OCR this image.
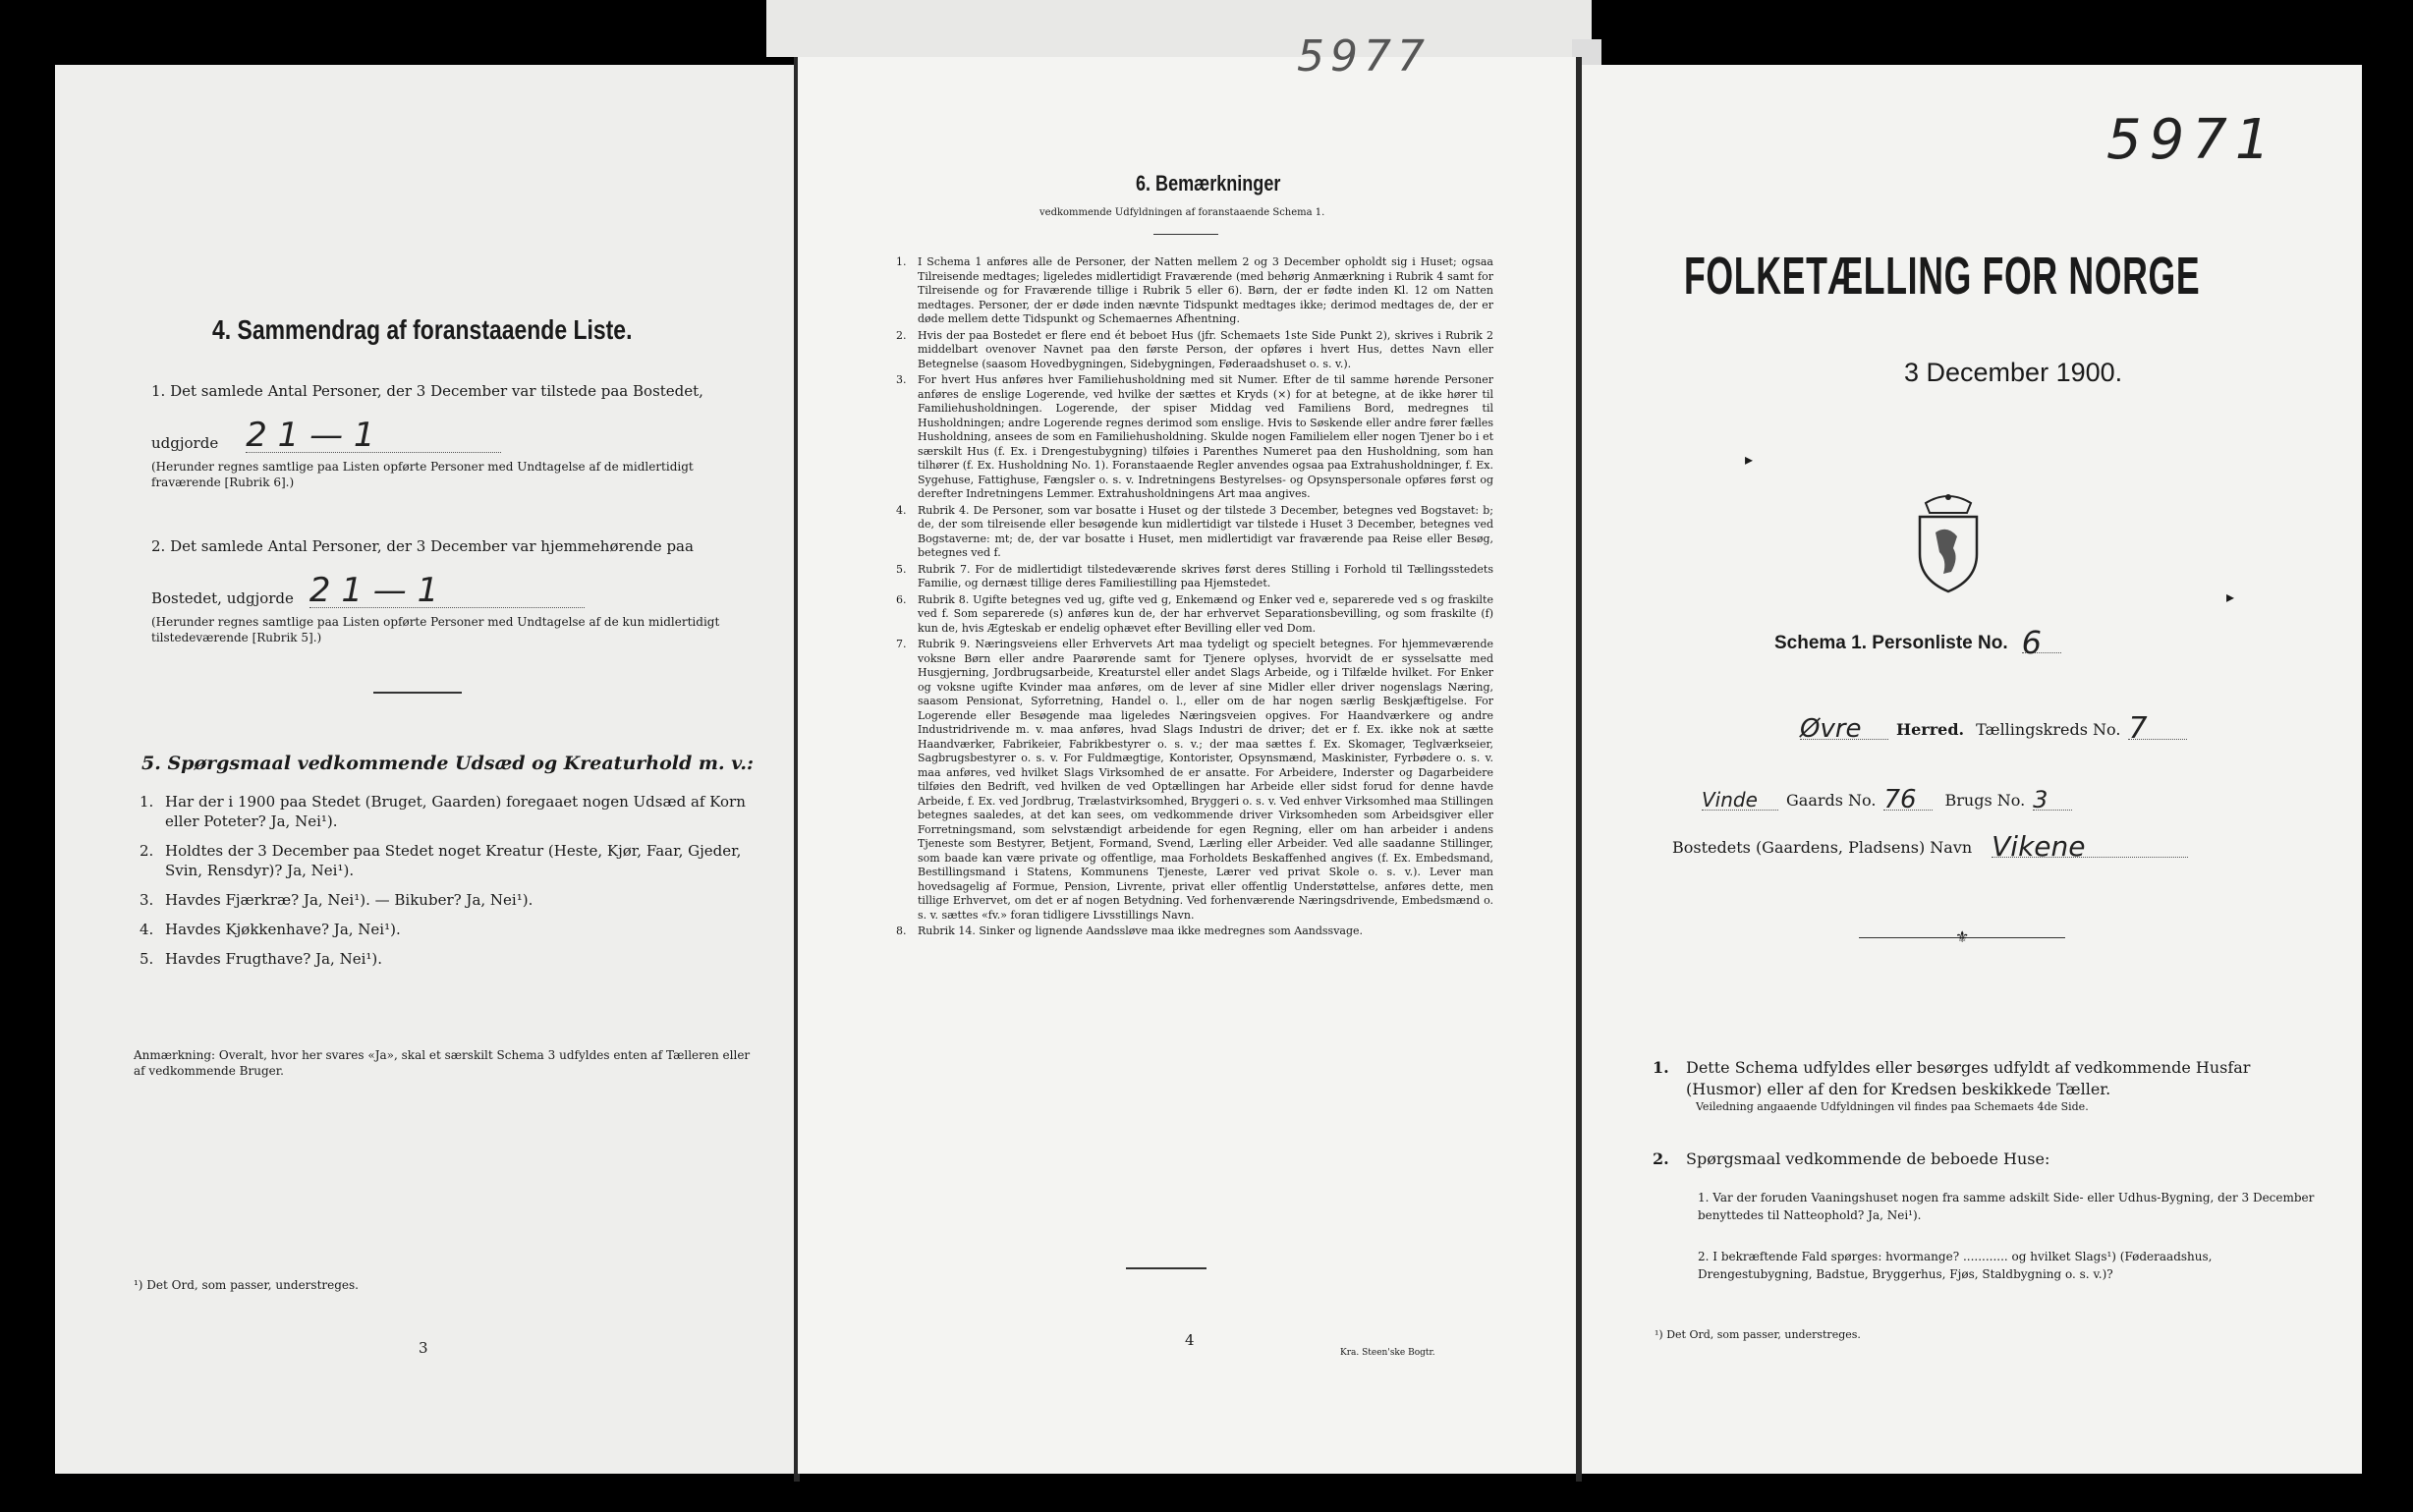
4. Sammendrag af foranstaaende Liste.
1. Det samlede Antal Personer, der 3 December var tilstede paa Bostedet,
udgjorde 2 1 — 1
(Herunder regnes samtlige paa Listen opførte Personer med Undtagelse af de midlertidigt fraværende [Rubrik 6].)
2. Det samlede Antal Personer, der 3 December var hjemmehørende paa
Bostedet, udgjorde 2 1 — 1
(Herunder regnes samtlige paa Listen opførte Personer med Undtagelse af de kun midlertidigt tilstedeværende [Rubrik 5].)
5. Spørgsmaal vedkommende Udsæd og Kreaturhold m. v.:
1. Har der i 1900 paa Stedet (Bruget, Gaarden) foregaaet nogen Udsæd af Korn eller Poteter? Ja, Nei¹).
2. Holdtes der 3 December paa Stedet noget Kreatur (Heste, Kjør, Faar, Gjeder, Svin, Rensdyr)? Ja, Nei¹).
3. Havdes Fjærkræ? Ja, Nei¹). — Bikuber? Ja, Nei¹).
4. Havdes Kjøkkenhave? Ja, Nei¹).
5. Havdes Frugthave? Ja, Nei¹).
Anmærkning: Overalt, hvor her svares «Ja», skal et særskilt Schema 3 udfyldes enten af Tælleren eller af vedkommende Bruger.
¹) Det Ord, som passer, understreges.
3
5977
6. Bemærkninger
vedkommende Udfyldningen af foranstaaende Schema 1.
1.	I Schema 1 anføres alle de Personer, der Natten mellem 2 og 3 December opholdt sig i Huset; ogsaa Tilreisende medtages; ligeledes midlertidigt Fraværende (med behørig Anmærkning i Rubrik 4 samt for Tilreisende og for Fraværende tillige i Rubrik 5 eller 6). Børn, der er fødte inden Kl. 12 om Natten medtages. Personer, der er døde inden nævnte Tidspunkt medtages ikke; derimod medtages de, der er døde mellem dette Tidspunkt og Schemaernes Afhentning.
2.	Hvis der paa Bostedet er flere end ét beboet Hus (jfr. Schemaets 1ste Side Punkt 2), skrives i Rubrik 2 middelbart ovenover Navnet paa den første Person, der opføres i hvert Hus, dettes Navn eller Betegnelse (saasom Hovedbygningen, Sidebygningen, Føderaadshuset o. s. v.).
3.	For hvert Hus anføres hver Familiehusholdning med sit Numer. Efter de til samme hørende Personer anføres de enslige Logerende, ved hvilke der sættes et Kryds (×) for at betegne, at de ikke hører til Familiehusholdningen. Logerende, der spiser Middag ved Familiens Bord, medregnes til Husholdningen; andre Logerende regnes derimod som enslige. Hvis to Søskende eller andre fører fælles Husholdning, ansees de som en Familiehusholdning. Skulde nogen Familielem eller nogen Tjener bo i et særskilt Hus (f. Ex. i Drengestubygning) tilføies i Parenthes Numeret paa den Husholdning, som han tilhører (f. Ex. Husholdning No. 1). Foranstaaende Regler anvendes ogsaa paa Extrahusholdninger, f. Ex. Sygehuse, Fattighuse, Fængsler o. s. v. Indretningens Bestyrelses- og Opsynspersonale opføres først og derefter Indretningens Lemmer. Extrahusholdningens Art maa angives.
4.	Rubrik 4. De Personer, som var bosatte i Huset og der tilstede 3 December, betegnes ved Bogstavet: b; de, der som tilreisende eller besøgende kun midlertidigt var tilstede i Huset 3 December, betegnes ved Bogstaverne: mt; de, der var bosatte i Huset, men midlertidigt var fraværende paa Reise eller Besøg, betegnes ved f.
5.	Rubrik 7. For de midlertidigt tilstedeværende skrives først deres Stilling i Forhold til Tællingsstedets Familie, og dernæst tillige deres Familiestilling paa Hjemstedet.
6.	Rubrik 8. Ugifte betegnes ved ug, gifte ved g, Enkemænd og Enker ved e, separerede ved s og fraskilte ved f. Som separerede (s) anføres kun de, der har erhvervet Separationsbevilling, og som fraskilte (f) kun de, hvis Ægteskab er endelig ophævet efter Bevilling eller ved Dom.
7.	Rubrik 9. Næringsveiens eller Erhvervets Art maa tydeligt og specielt betegnes. For hjemmeværende voksne Børn eller andre Paarørende samt for Tjenere oplyses, hvorvidt de er sysselsatte med Husgjerning, Jordbrugsarbeide, Kreaturstel eller andet Slags Arbeide, og i Tilfælde hvilket. For Enker og voksne ugifte Kvinder maa anføres, om de lever af sine Midler eller driver nogenslags Næring, saasom Pensionat, Syforretning, Handel o. l., eller om de har nogen særlig Beskjæftigelse. For Logerende eller Besøgende maa ligeledes Næringsveien opgives. For Haandværkere og andre Industridrivende m. v. maa anføres, hvad Slags Industri de driver; det er f. Ex. ikke nok at sætte Haandværker, Fabrikeier, Fabrikbestyrer o. s. v.; der maa sættes f. Ex. Skomager, Teglværkseier, Sagbrugsbestyrer o. s. v. For Fuldmægtige, Kontorister, Opsynsmænd, Maskinister, Fyrbødere o. s. v. maa anføres, ved hvilket Slags Virksomhed de er ansatte. For Arbeidere, Inderster og Dagarbeidere tilføies den Bedrift, ved hvilken de ved Optællingen har Arbeide eller sidst forud for denne havde Arbeide, f. Ex. ved Jordbrug, Trælastvirksomhed, Bryggeri o. s. v. Ved enhver Virksomhed maa Stillingen betegnes saaledes, at det kan sees, om vedkommende driver Virksomheden som Arbeidsgiver eller Forretningsmand, som selvstændigt arbeidende for egen Regning, eller om han arbeider i andens Tjeneste som Bestyrer, Betjent, Formand, Svend, Lærling eller Arbeider. Ved alle saadanne Stillinger, som baade kan være private og offentlige, maa Forholdets Beskaffenhed angives (f. Ex. Embedsmand, Bestillingsmand i Statens, Kommunens Tjeneste, Lærer ved privat Skole o. s. v.). Lever man hovedsagelig af Formue, Pension, Livrente, privat eller offentlig Understøttelse, anføres dette, men tillige Erhvervet, om det er af nogen Betydning. Ved forhenværende Næringsdrivende, Embedsmænd o. s. v. sættes «fv.» foran tidligere Livsstillings Navn.
8.	Rubrik 14. Sinker og lignende Aandssløve maa ikke medregnes som Aandssvage.
4
Kra. Steen'ske Bogtr.
5971
FOLKETÆLLING FOR NORGE
3 December 1900.
▸
▸
Schema 1. Personliste No. 6
Øvre	Herred. Tællingskreds No. 7
Vinde	Gaards No. 76	Brugs No. 3
Bostedets (Gaardens, Pladsens) Navn Vikene
⚜
1.	Dette Schema udfyldes eller besørges udfyldt af vedkommende Husfar (Husmor) eller af den for Kredsen beskikkede Tæller.
Veiledning angaaende Udfyldningen vil findes paa Schemaets 4de Side.
2.	Spørgsmaal vedkommende de beboede Huse:
1. Var der foruden Vaaningshuset nogen fra samme adskilt Side- eller Udhus-Bygning, der 3 December benyttedes til Natteophold? Ja, Nei¹).
2. I bekræftende Fald spørges: hvormange? ............ og hvilket Slags¹) (Føderaadshus, Drengestubygning, Badstue, Bryggerhus, Fjøs, Staldbygning o. s. v.)?
¹) Det Ord, som passer, understreges.
